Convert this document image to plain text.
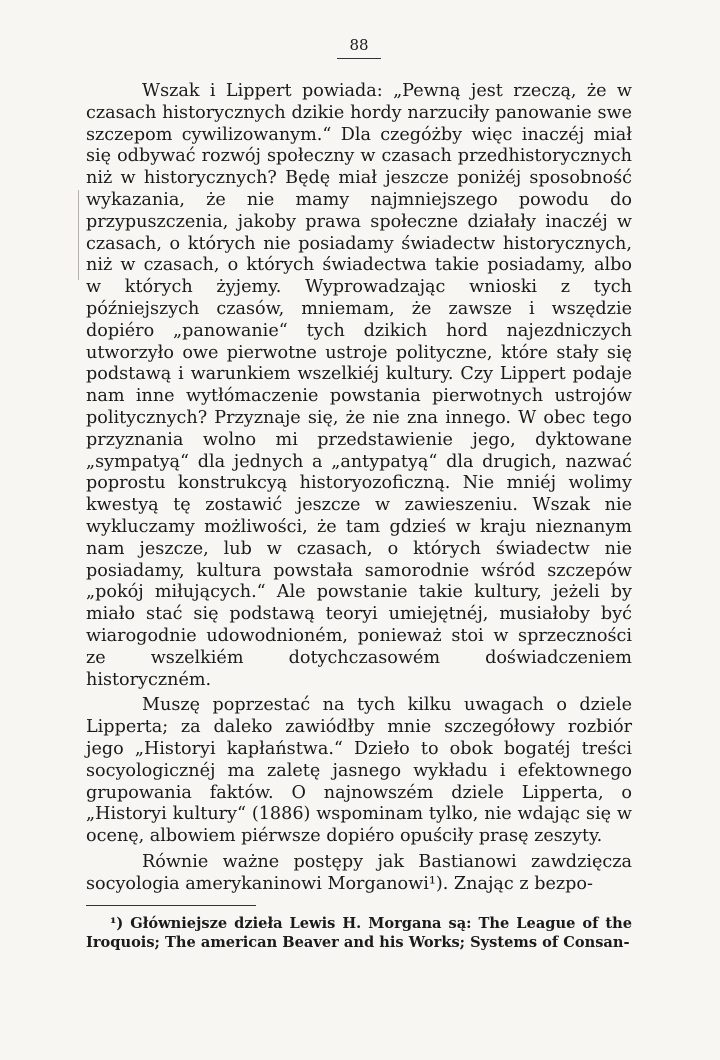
88

Wszak i Lippert powiada: „Pewną jest rzeczą, że w czasach historycznych dzikie hordy narzuciły panowanie swe szczepom cywilizowanym.“ Dla czegóżby więc inaczéj miał się odbywać rozwój społeczny w czasach przedhistorycznych niż w historycznych? Będę miał jeszcze poniżéj sposobność wykazania, że nie mamy najmniejszego powodu do przypuszczenia, jakoby prawa społeczne działały inaczéj w czasach, o których nie posiadamy świadectw historycznych, niż w czasach, o których świadectwa takie posiadamy, albo w których żyjemy. Wyprowadzając wnioski z tych późniejszych czasów, mniemam, że zawsze i wszędzie dopiéro „panowanie“ tych dzikich hord najezdniczych utworzyło owe pierwotne ustroje polityczne, które stały się podstawą i warunkiem wszelkiéj kultury. Czy Lippert podaje nam inne wytłómaczenie powstania pierwotnych ustrojów politycznych? Przyznaje się, że nie zna innego. W obec tego przyznania wolno mi przedstawienie jego, dyktowane „sympatyą“ dla jednych a „antypatyą“ dla drugich, nazwać poprostu konstrukcyą historyozoficzną. Nie mniéj wolimy kwestyą tę zostawić jeszcze w zawieszeniu. Wszak nie wykluczamy możliwości, że tam gdzieś w kraju nieznanym nam jeszcze, lub w czasach, o których świadectw nie posiadamy, kultura powstała samorodnie wśród szczepów „pokój miłujących.“ Ale powstanie takie kultury, jeżeli by miało stać się podstawą teoryi umiejętnéj, musiałoby być wiarogodnie udowodnioném, ponieważ stoi w sprzeczności ze wszelkiém dotychczasowém doświadczeniem historyczném.

Muszę poprzestać na tych kilku uwagach o dziele Lipperta; za daleko zawiódłby mnie szczegółowy rozbiór jego „Historyi kapłaństwa.“ Dzieło to obok bogatéj treści socyologicznéj ma zaletę jasnego wykładu i efektownego grupowania faktów. O najnowszém dziele Lipperta, o „Historyi kultury“ (1886) wspominam tylko, nie wdając się w ocenę, albowiem piérwsze dopiéro opuściły prasę zeszyty.

Równie ważne postępy jak Bastianowi zawdzięcza socyologia amerykaninowi Morganowi¹). Znając z bezpo-

¹) Główniejsze dzieła Lewis H. Morgana są: The League of the Iroquois; The american Beaver and his Works; Systems of Consan-
